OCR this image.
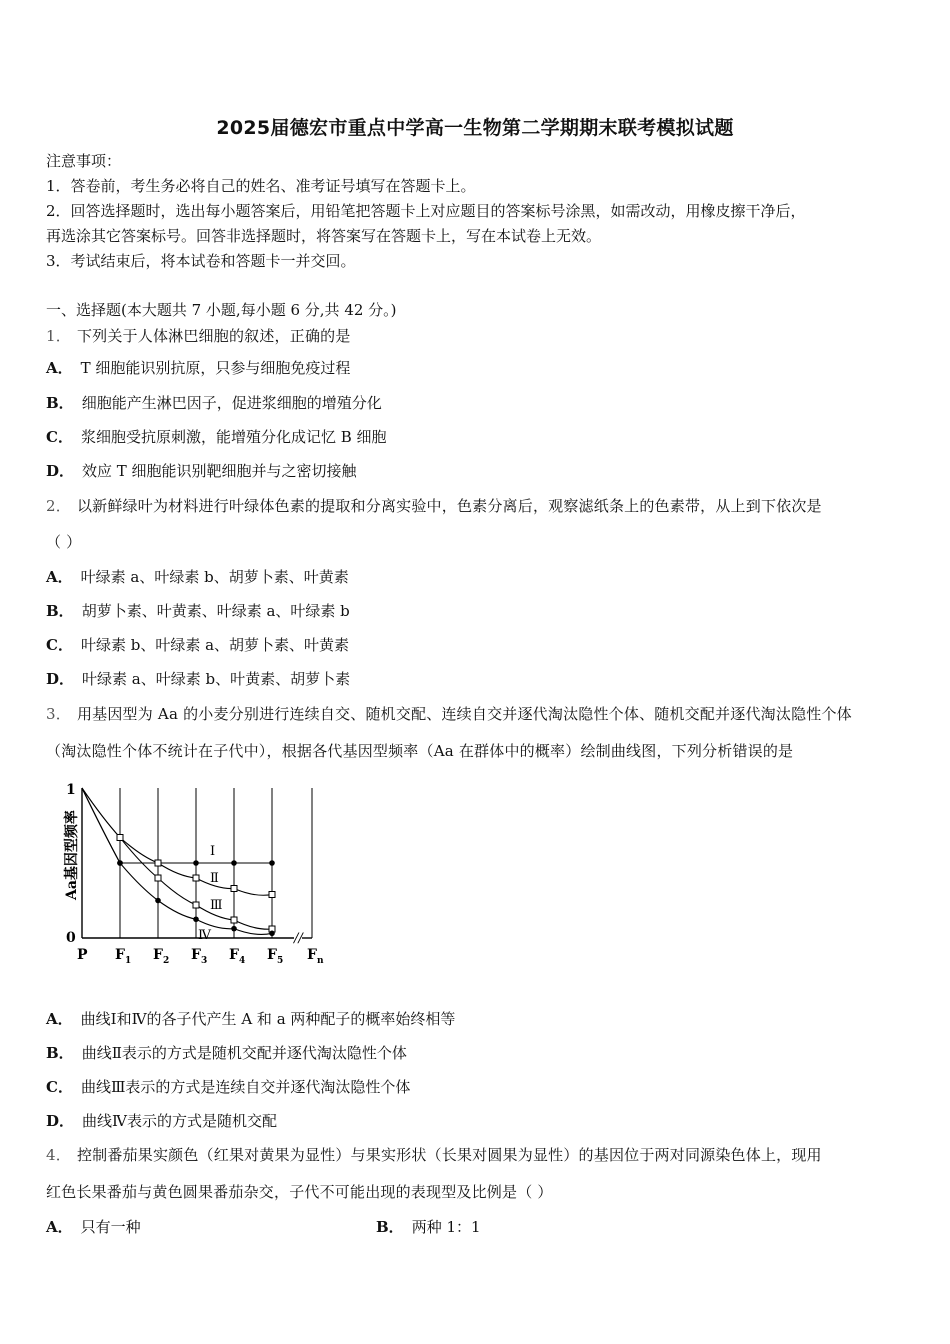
2025届德宏市重点中学高一生物第二学期期末联考模拟试题
注意事项：
1．答卷前，考生务必将自己的姓名、准考证号填写在答题卡上。
2．回答选择题时，选出每小题答案后，用铅笔把答题卡上对应题目的答案标号涂黑，如需改动，用橡皮擦干净后，
再选涂其它答案标号。回答非选择题时，将答案写在答题卡上，写在本试卷上无效。
3．考试结束后，将本试卷和答题卡一并交回。
一、选择题(本大题共 7 小题,每小题 6 分,共 42 分。)
1． 下列关于人体淋巴细胞的叙述，正确的是
A． T 细胞能识别抗原，只参与细胞免疫过程
B． 细胞能产生淋巴因子，促进浆细胞的增殖分化
C． 浆细胞受抗原刺激，能增殖分化成记忆 B 细胞
D． 效应 T 细胞能识别靶细胞并与之密切接触
2． 以新鲜绿叶为材料进行叶绿体色素的提取和分离实验中，色素分离后，观察滤纸条上的色素带，从上到下依次是
（ ）
A． 叶绿素 a、叶绿素 b、胡萝卜素、叶黄素
B． 胡萝卜素、叶黄素、叶绿素 a、叶绿素 b
C． 叶绿素 b、叶绿素 a、胡萝卜素、叶黄素
D． 叶绿素 a、叶绿素 b、叶黄素、胡萝卜素
3． 用基因型为 Aa 的小麦分别进行连续自交、随机交配、连续自交并逐代淘汰隐性个体、随机交配并逐代淘汰隐性个体
（淘汰隐性个体不统计在子代中），根据各代基因型频率（Aa 在群体中的概率）绘制曲线图，下列分析错误的是
1
0
Aa基因型频率
//
Ⅰ
Ⅱ
Ⅲ
Ⅳ
P $F_1$ $F_2$ $F_3$ $F_4$ $F_5$ $F_n$
A． 曲线Ⅰ和Ⅳ的各子代产生 A 和 a 两种配子的概率始终相等
B． 曲线Ⅱ表示的方式是随机交配并逐代淘汰隐性个体
C． 曲线Ⅲ表示的方式是连续自交并逐代淘汰隐性个体
D． 曲线Ⅳ表示的方式是随机交配
4． 控制番茄果实颜色（红果对黄果为显性）与果实形状（长果对圆果为显性）的基因位于两对同源染色体上，现用
红色长果番茄与黄色圆果番茄杂交，子代不可能出现的表现型及比例是（ ）
A． 只有一种	B． 两种 1：1
